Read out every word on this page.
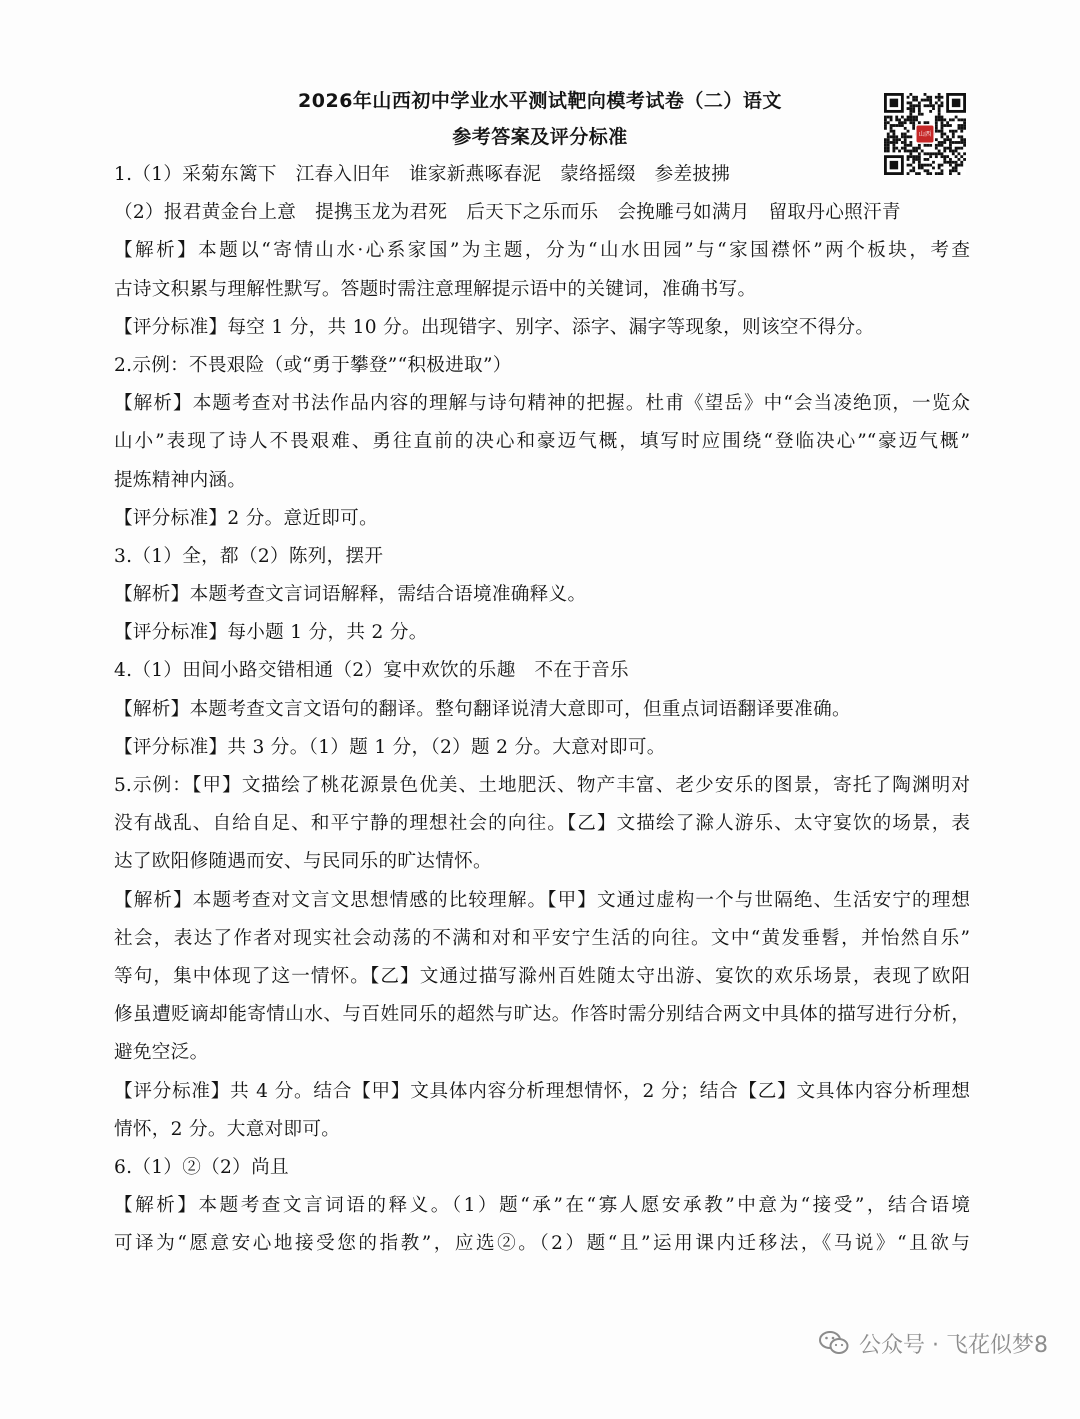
2026年山西初中学业水平测试靶向模考试卷（二）语文
参考答案及评分标准	山西
1.（1）采菊东篱下　江春入旧年　谁家新燕啄春泥　蒙络摇缀　参差披拂
（2）报君黄金台上意　提携玉龙为君死　后天下之乐而乐　会挽雕弓如满月　留取丹心照汗青
【解析】本题以“寄情山水·心系家国”为主题，分为“山水田园”与“家国襟怀”两个板块，考查
古诗文积累与理解性默写。答题时需注意理解提示语中的关键词，准确书写。
【评分标准】每空 1 分，共 10 分。出现错字、别字、添字、漏字等现象，则该空不得分。
2.示例：不畏艰险（或“勇于攀登”“积极进取”）
【解析】本题考查对书法作品内容的理解与诗句精神的把握。杜甫《望岳》中“会当凌绝顶，一览众
山小”表现了诗人不畏艰难、勇往直前的决心和豪迈气概，填写时应围绕“登临决心”“豪迈气概”
提炼精神内涵。
【评分标准】2 分。意近即可。
3.（1）全，都（2）陈列，摆开
【解析】本题考查文言词语解释，需结合语境准确释义。
【评分标准】每小题 1 分，共 2 分。
4.（1）田间小路交错相通（2）宴中欢饮的乐趣　不在于音乐
【解析】本题考查文言文语句的翻译。整句翻译说清大意即可，但重点词语翻译要准确。
【评分标准】共 3 分。（1）题 1 分，（2）题 2 分。大意对即可。
5.示例：【甲】文描绘了桃花源景色优美、土地肥沃、物产丰富、老少安乐的图景，寄托了陶渊明对
没有战乱、自给自足、和平宁静的理想社会的向往。【乙】文描绘了滁人游乐、太守宴饮的场景，表
达了欧阳修随遇而安、与民同乐的旷达情怀。
【解析】本题考查对文言文思想情感的比较理解。【甲】文通过虚构一个与世隔绝、生活安宁的理想
社会，表达了作者对现实社会动荡的不满和对和平安宁生活的向往。文中“黄发垂髫，并怡然自乐”
等句，集中体现了这一情怀。【乙】文通过描写滁州百姓随太守出游、宴饮的欢乐场景，表现了欧阳
修虽遭贬谪却能寄情山水、与百姓同乐的超然与旷达。作答时需分别结合两文中具体的描写进行分析，
避免空泛。
【评分标准】共 4 分。结合【甲】文具体内容分析理想情怀，2 分；结合【乙】文具体内容分析理想
情怀，2 分。大意对即可。
6.（1）②（2）尚且
【解析】本题考查文言词语的释义。（1）题“承”在“寡人愿安承教”中意为“接受”，结合语境
可译为“愿意安心地接受您的指教”，应选②。（2）题“且”运用课内迁移法，《马说》“且欲与
公众号 · 飞花似梦8
